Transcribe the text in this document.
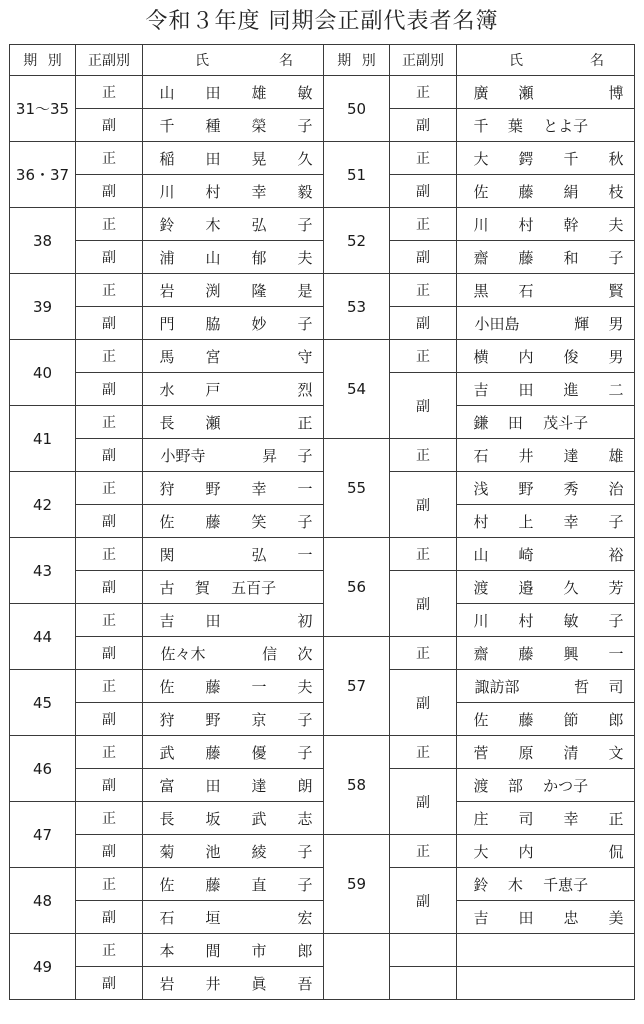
令和３年度 同期会正副代表者名簿
期 別	正副別	氏 名	期 別	正副別	氏 名

31〜35	正	山 田 雄 敏	50	正	廣 瀬 博

	副	千 種 榮 子		副	千 葉 とよ子

36・37	正	稲 田 晃 久	51	正	大 鍔 千 秋

	副	川 村 幸 毅		副	佐 藤 絹 枝

38	正	鈴 木 弘 子	52	正	川 村 幹 夫

	副	浦 山 郁 夫		副	齋 藤 和 子

39	正	岩 渕 隆 是	53	正	黒 石 賢

	副	門 脇 妙 子		副	小田島 輝 男

40	正	馬 宮 守	54	正	横 内 俊 男

	副	水 戸 烈		副	吉 田 進 二

41	正	長 瀬 正			鎌 田 茂斗子

	副	小野寺 昇 子	55	正	石 井 達 雄

42	正	狩 野 幸 一		副	浅 野 秀 治

	副	佐 藤 笑 子			村 上 幸 子

43	正	関 弘 一	56	正	山 崎 裕

	副	古 賀 五百子		副	渡 邉 久 芳

44	正	吉 田 初			川 村 敏 子

	副	佐々木 信 次	57	正	齋 藤 興 一

45	正	佐 藤 一 夫		副	諏訪部 哲 司

	副	狩 野 京 子			佐 藤 節 郎

46	正	武 藤 優 子	58	正	菅 原 清 文

	副	富 田 達 朗		副	渡 部 かつ子

47	正	長 坂 武 志			庄 司 幸 正

	副	菊 池 綾 子	59	正	大 内 侃

48	正	佐 藤 直 子		副	鈴 木 千恵子

	副	石 垣 宏			吉 田 忠 美

49	正	本 間 市 郎			

	副	岩 井 眞 吾			
